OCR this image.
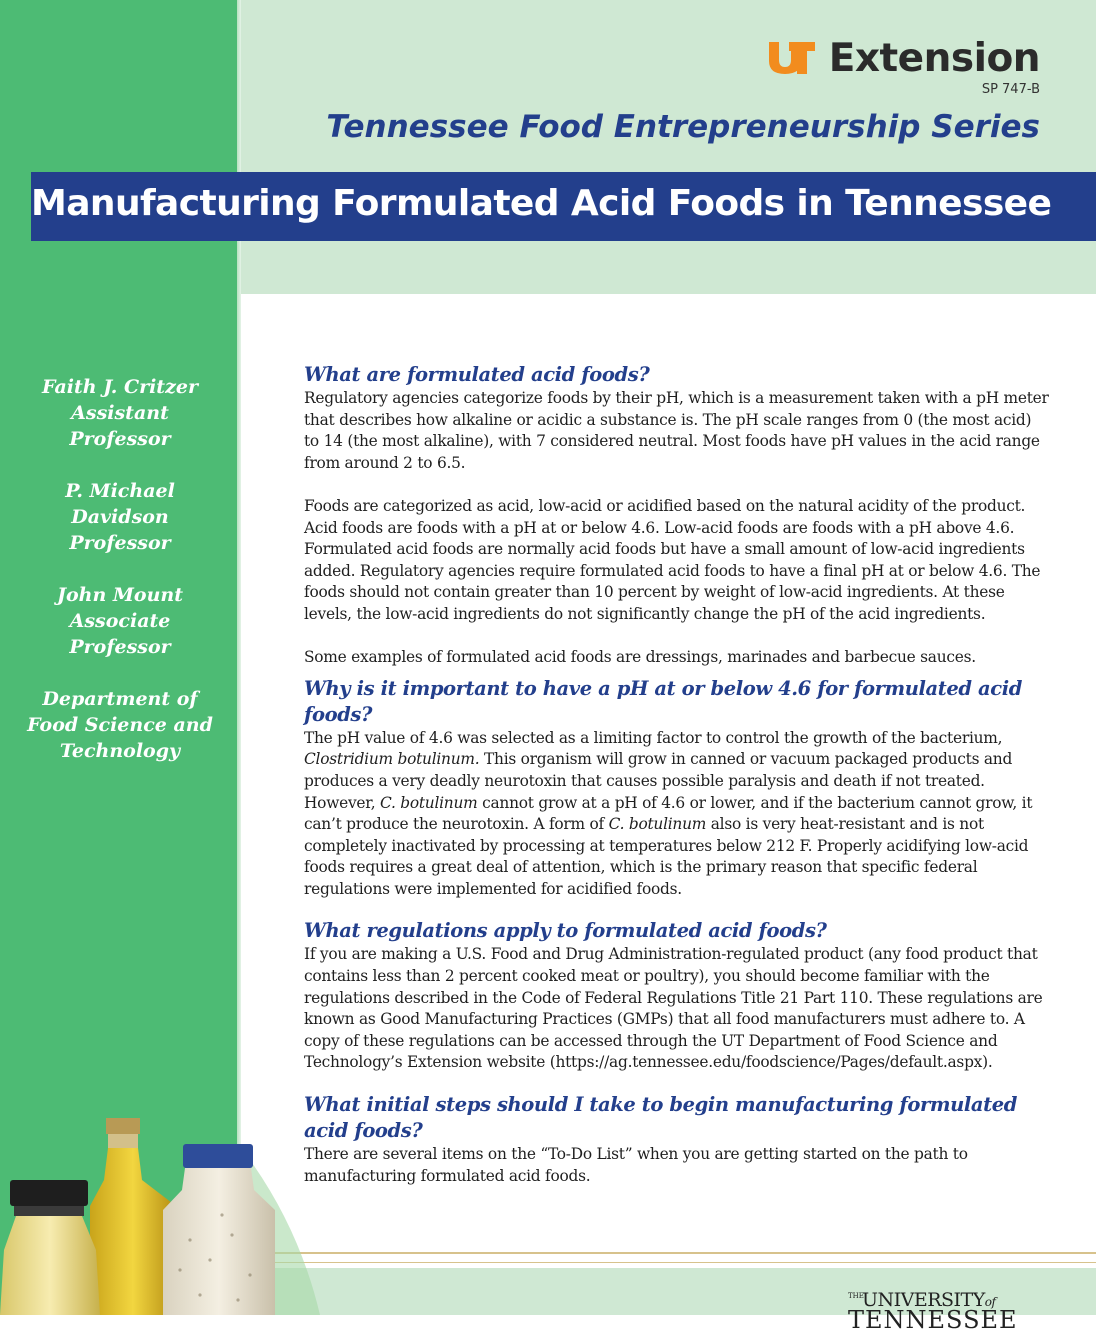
Extension
SP 747-B
Tennessee Food Entrepreneurship Series
Manufacturing Formulated Acid Foods in Tennessee
Faith J. Critzer
Assistant
Professor
P. Michael
Davidson
Professor
John Mount
Associate
Professor
Department of
Food Science and
Technology
What are formulated acid foods?

Regulatory agencies categorize foods by their pH, which is a measurement taken with a pH meter that describes how alkaline or acidic a substance is. The pH scale ranges from 0 (the most acid) to 14 (the most alkaline), with 7 considered neutral. Most foods have pH values in the acid range from around 2 to 6.5.

Foods are categorized as acid, low-acid or acidified based on the natural acidity of the product. Acid foods are foods with a pH at or below 4.6. Low-acid foods are foods with a pH above 4.6. Formulated acid foods are normally acid foods but have a small amount of low-acid ingredients added. Regulatory agencies require formulated acid foods to have a final pH at or below 4.6. The foods should not contain greater than 10 percent by weight of low-acid ingredients. At these levels, the low-acid ingredients do not significantly change the pH of the acid ingredients.

Some examples of formulated acid foods are dressings, marinades and barbecue sauces.

Why is it important to have a pH at or below 4.6 for formulated acid foods?

The pH value of 4.6 was selected as a limiting factor to control the growth of the bacterium, Clostridium botulinum. This organism will grow in canned or vacuum packaged products and produces a very deadly neurotoxin that causes possible paralysis and death if not treated. However, C. botulinum cannot grow at a pH of 4.6 or lower, and if the bacterium cannot grow, it can’t produce the neurotoxin. A form of C. botulinum also is very heat-resistant and is not completely inactivated by processing at temperatures below 212 F. Properly acidifying low-acid foods requires a great deal of attention, which is the primary reason that specific federal regulations were implemented for acidified foods.

What regulations apply to formulated acid foods?

If you are making a U.S. Food and Drug Administration-regulated product (any food product that contains less than 2 percent cooked meat or poultry), you should become familiar with the regulations described in the Code of Federal Regulations Title 21 Part 110. These regulations are known as Good Manufacturing Practices (GMPs) that all food manufacturers must adhere to. A copy of these regulations can be accessed through the UT Department of Food Science and Technology’s Extension website (https://ag.tennessee.edu/foodscience/Pages/default.aspx).

What initial steps should I take to begin manufacturing formulated
acid foods?

There are several items on the “To-Do List” when you are getting started on the path to manufacturing formulated acid foods.

THE
UNIVERSITYof
TENNESSEE
